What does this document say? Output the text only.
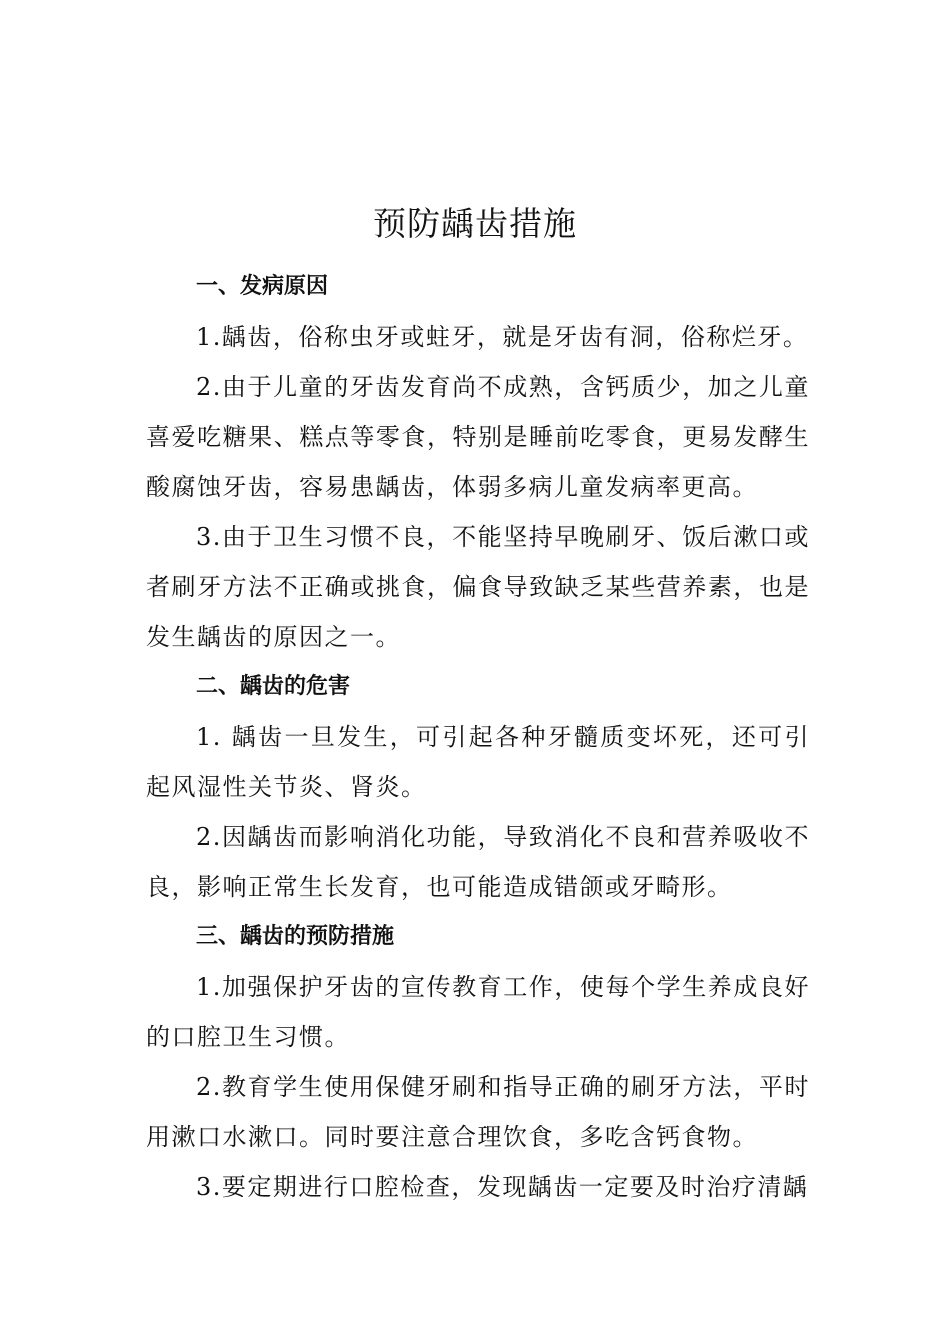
预防龋齿措施
一、发病原因

1.龋齿，俗称虫牙或蛀牙，就是牙齿有洞，俗称烂牙。

2.由于儿童的牙齿发育尚不成熟，含钙质少，加之儿童喜爱吃糖果、糕点等零食，特别是睡前吃零食，更易发酵生酸腐蚀牙齿，容易患龋齿，体弱多病儿童发病率更高。

3.由于卫生习惯不良，不能坚持早晚刷牙、饭后漱口或者刷牙方法不正确或挑食，偏食导致缺乏某些营养素，也是发生龋齿的原因之一。

二、龋齿的危害

1. 龋齿一旦发生，可引起各种牙髓质变坏死，还可引起风湿性关节炎、肾炎。

2.因龋齿而影响消化功能，导致消化不良和营养吸收不良，影响正常生长发育，也可能造成错颌或牙畸形。

三、龋齿的预防措施

1.加强保护牙齿的宣传教育工作，使每个学生养成良好的口腔卫生习惯。

2.教育学生使用保健牙刷和指导正确的刷牙方法，平时用漱口水漱口。同时要注意合理饮食，多吃含钙食物。

3.要定期进行口腔检查，发现龋齿一定要及时治疗清龋
